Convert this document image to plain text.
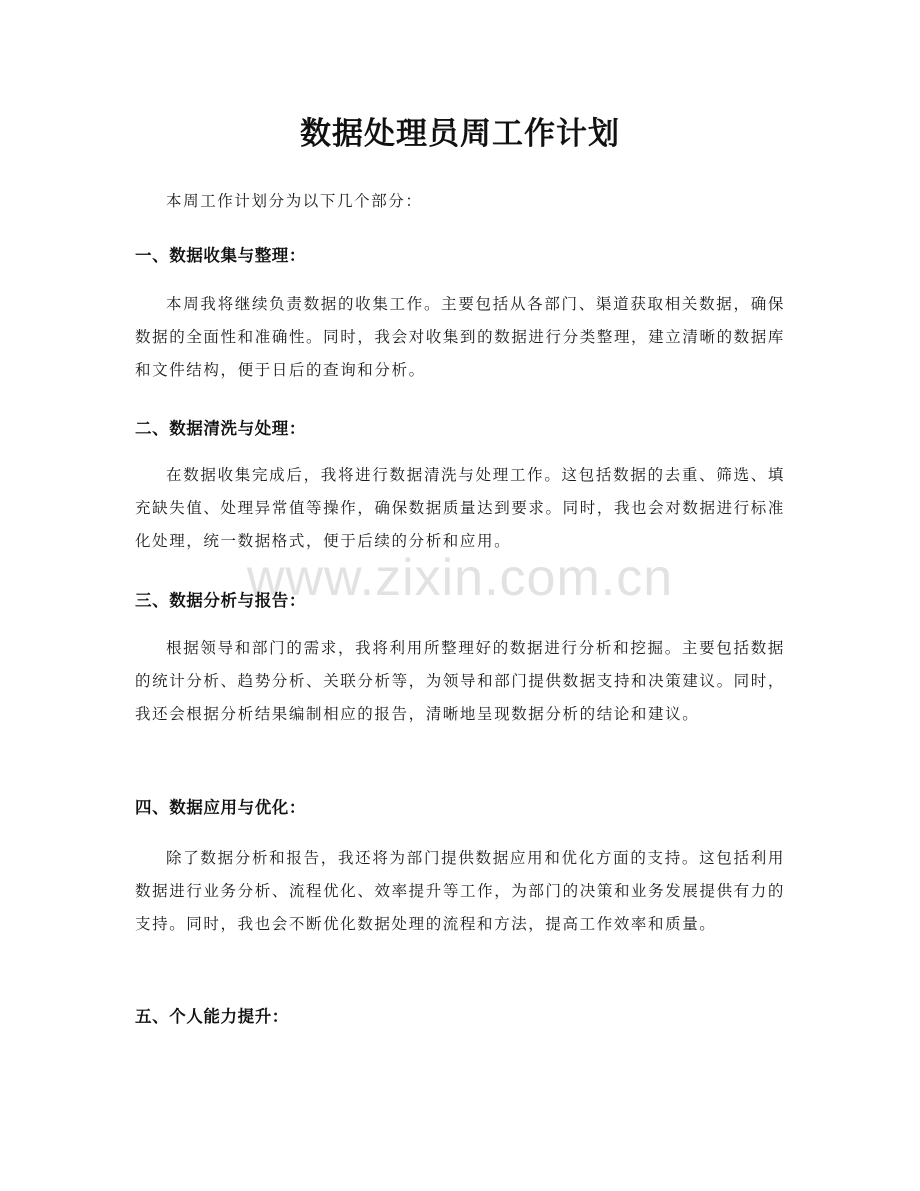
数据处理员周工作计划
www.zixin.com.cn

本周工作计划分为以下几个部分：

一、数据收集与整理：

本周我将继续负责数据的收集工作。主要包括从各部门、渠道获取相关数据，确保数据的全面性和准确性。同时，我会对收集到的数据进行分类整理，建立清晰的数据库和文件结构，便于日后的查询和分析。

二、数据清洗与处理：

在数据收集完成后，我将进行数据清洗与处理工作。这包括数据的去重、筛选、填充缺失值、处理异常值等操作，确保数据质量达到要求。同时，我也会对数据进行标准化处理，统一数据格式，便于后续的分析和应用。

三、数据分析与报告：

根据领导和部门的需求，我将利用所整理好的数据进行分析和挖掘。主要包括数据的统计分析、趋势分析、关联分析等，为领导和部门提供数据支持和决策建议。同时，我还会根据分析结果编制相应的报告，清晰地呈现数据分析的结论和建议。

四、数据应用与优化：

除了数据分析和报告，我还将为部门提供数据应用和优化方面的支持。这包括利用数据进行业务分析、流程优化、效率提升等工作，为部门的决策和业务发展提供有力的支持。同时，我也会不断优化数据处理的流程和方法，提高工作效率和质量。

五、个人能力提升：
